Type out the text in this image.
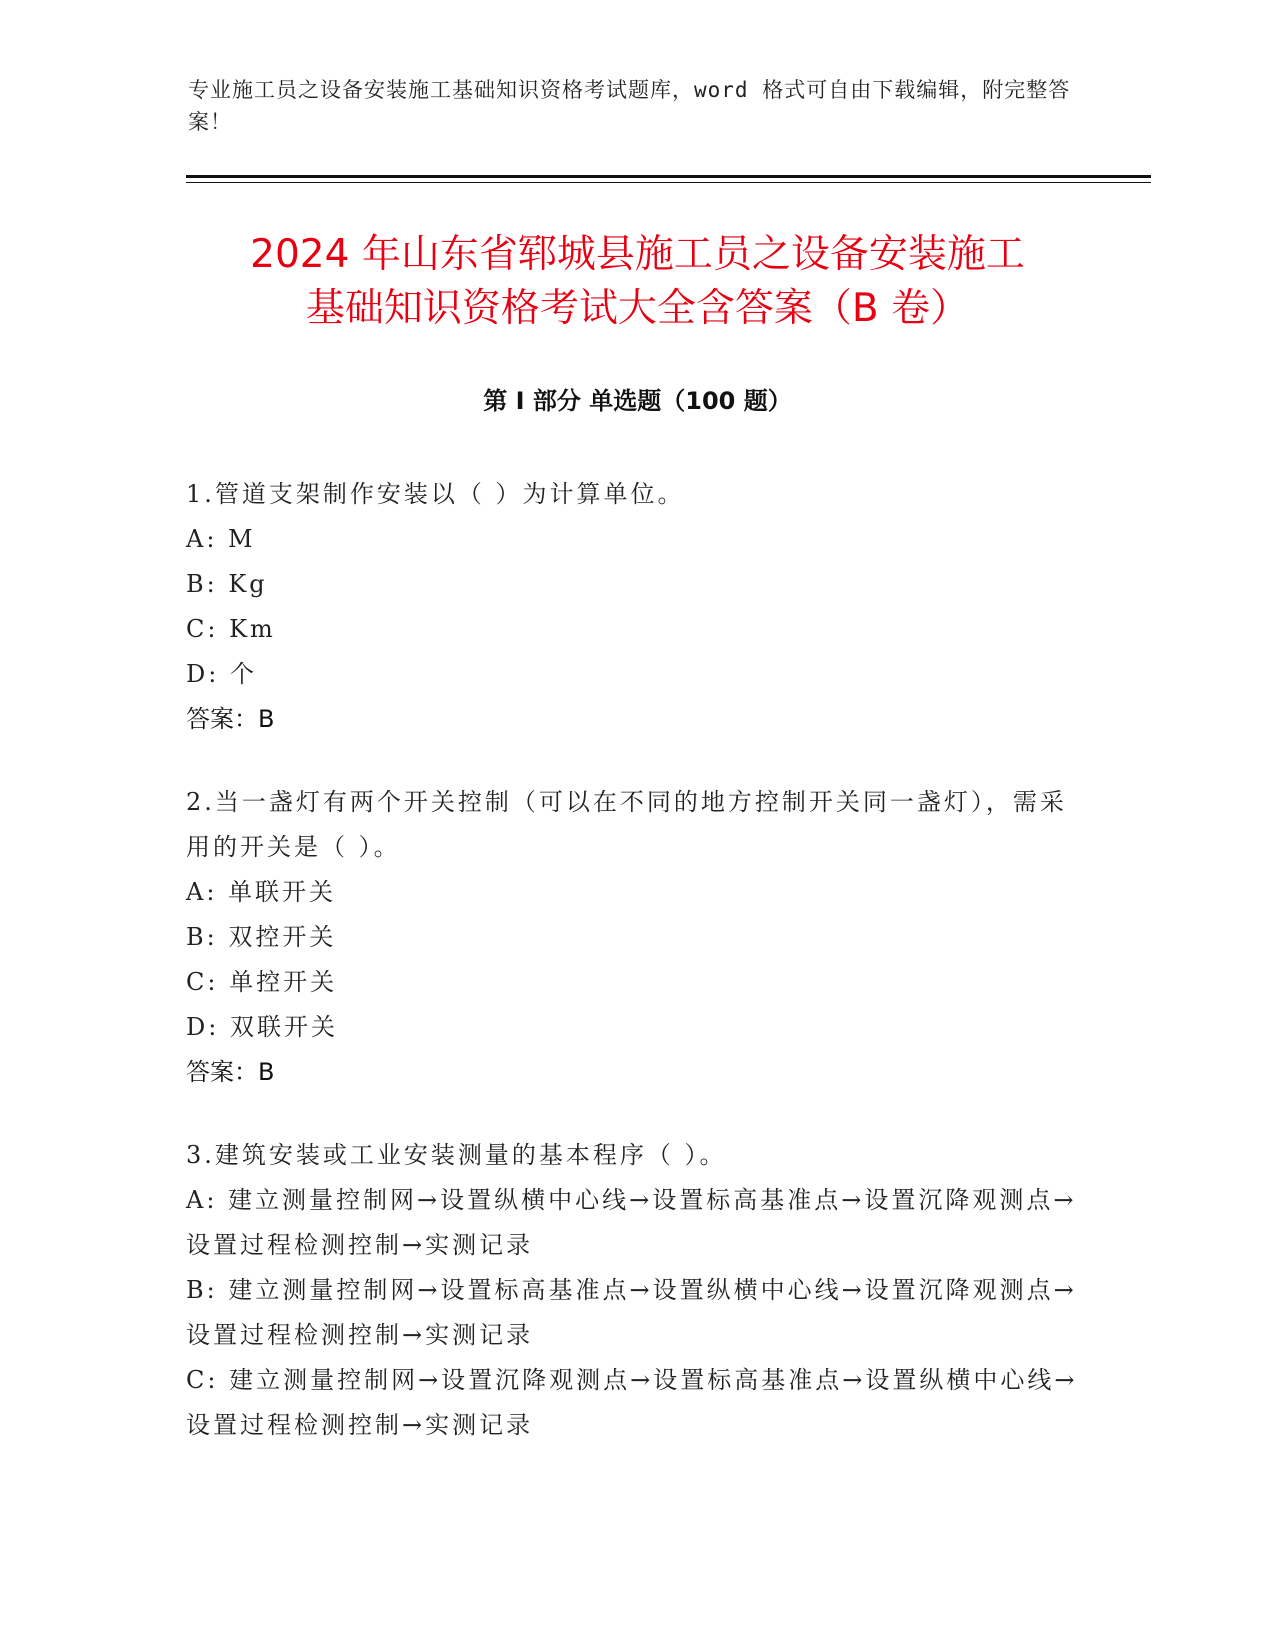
专业施工员之设备安装施工基础知识资格考试题库，word 格式可自由下载编辑，附完整答案！
2024 年山东省郓城县施工员之设备安装施工
基础知识资格考试大全含答案（B 卷）
第 I 部分 单选题（100 题）
1.管道支架制作安装以（ ）为计算单位。
A: M
B: Kg
C: Km
D: 个
答案：B
2.当一盏灯有两个开关控制（可以在不同的地方控制开关同一盏灯），需采用的开关是（ ）。
A: 单联开关
B: 双控开关
C: 单控开关
D: 双联开关
答案：B
3.建筑安装或工业安装测量的基本程序（ ）。
A: 建立测量控制网→设置纵横中心线→设置标高基准点→设置沉降观测点→设置过程检测控制→实测记录
B: 建立测量控制网→设置标高基准点→设置纵横中心线→设置沉降观测点→设置过程检测控制→实测记录
C: 建立测量控制网→设置沉降观测点→设置标高基准点→设置纵横中心线→设置过程检测控制→实测记录
